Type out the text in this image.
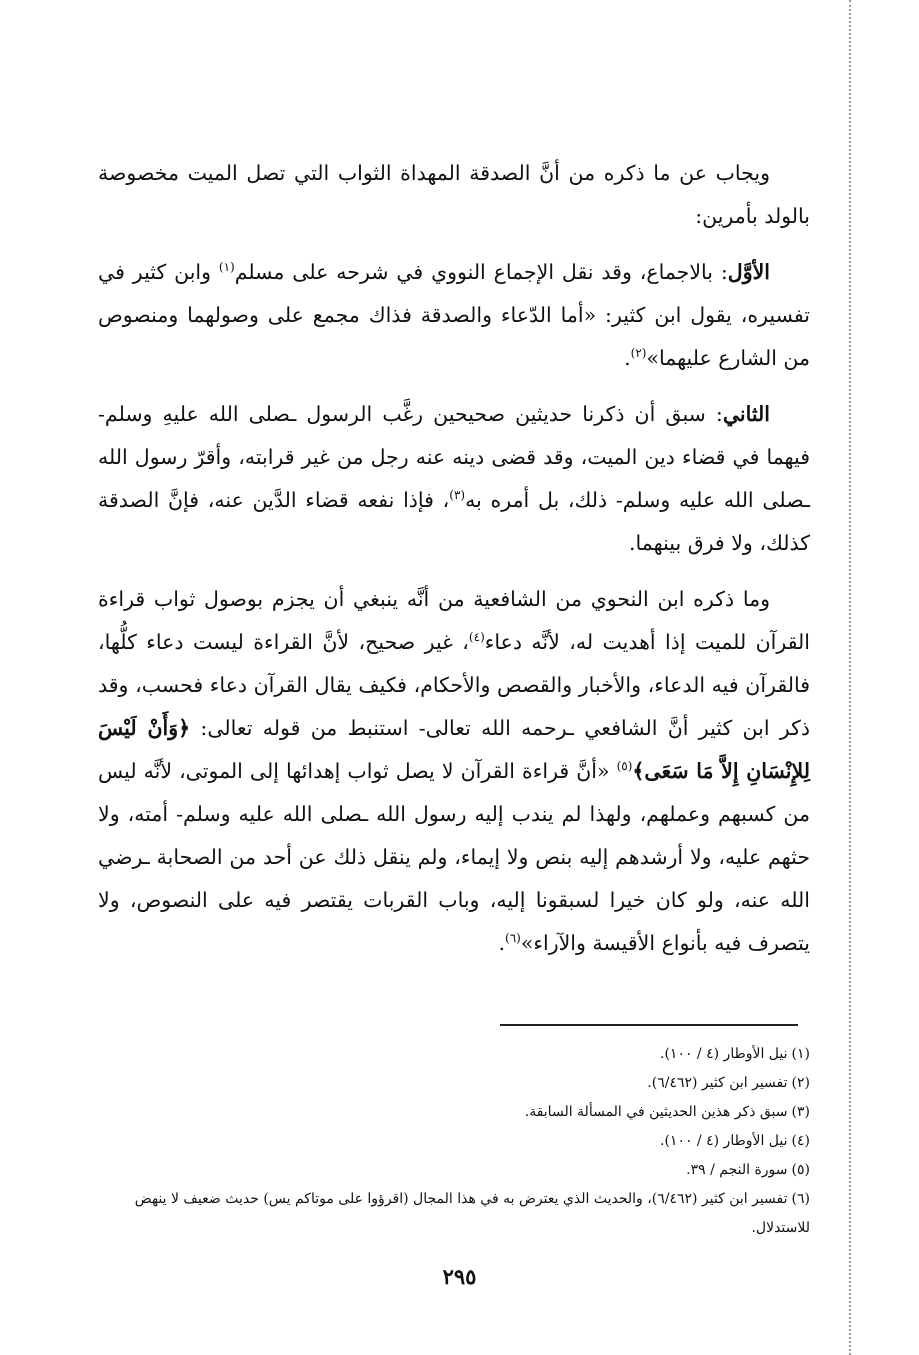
ويجاب عن ما ذكره من أنَّ الصدقة المهداة الثواب التي تصل الميت مخصوصة بالولد بأمرين:

الأوَّل: بالاجماع، وقد نقل الإجماع النووي في شرحه على مسلم$^{(١)}$ وابن كثير في تفسيره، يقول ابن كثير: «أما الدّعاء والصدقة فذاك مجمع على وصولهما ومنصوص من الشارع عليهما»$^{(٢)}$.

الثاني: سبق أن ذكرنا حديثين صحيحين رغَّب الرسول ـصلى الله عليهِ وسلم- فيهما في قضاء دين الميت، وقد قضى دينه عنه رجل من غير قرابته، وأقرّ رسول الله ـصلى الله عليه وسلم- ذلك، بل أمره به$^{(٣)}$، فإذا نفعه قضاء الدَّين عنه، فإنَّ الصدقة كذلك، ولا فرق بينهما.

وما ذكره ابن النحوي من الشافعية من أنَّه ينبغي أن يجزم بوصول ثواب قراءة القرآن للميت إذا أهديت له، لأنَّه دعاء$^{(٤)}$، غير صحيح، لأنَّ القراءة ليست دعاء كلُّها، فالقرآن فيه الدعاء، والأخبار والقصص والأحكام، فكيف يقال القرآن دعاء فحسب، وقد ذكر ابن كثير أنَّ الشافعي ـرحمه الله تعالى- استنبط من قوله تعالى: ﴿وَأَنْ لَيْسَ لِلإِنْسَانِ إِلاَّ مَا سَعَى﴾$^{(٥)}$ «أنَّ قراءة القرآن لا يصل ثواب إهدائها إلى الموتى، لأنَّه ليس من كسبهم وعملهم، ولهذا لم يندب إليه رسول الله ـصلى الله عليه وسلم- أمته، ولا حثهم عليه، ولا أرشدهم إليه بنص ولا إيماء، ولم ينقل ذلك عن أحد من الصحابة ـرضي الله عنه، ولو كان خيرا لسبقونا إليه، وباب القربات يقتصر فيه على النصوص، ولا يتصرف فيه بأنواع الأقيسة والآراء»$^{(٦)}$.

(١)نيل الأوطار (٤ / ١٠٠).

(٢)تفسير ابن كثير (٦/٤٦٢).

(٣)سبق ذكر هذين الحديثين في المسألة السابقة.

(٤)نيل الأوطار (٤ / ١٠٠).

(٥)سورة النجم / ٣٩.

(٦)تفسير ابن كثير (٦/٤٦٢)، والحديث الذي يعترض به في هذا المجال (اقرؤوا على موتاكم يس) حديث ضعيف لا ينهض للاستدلال.

٢٩٥
